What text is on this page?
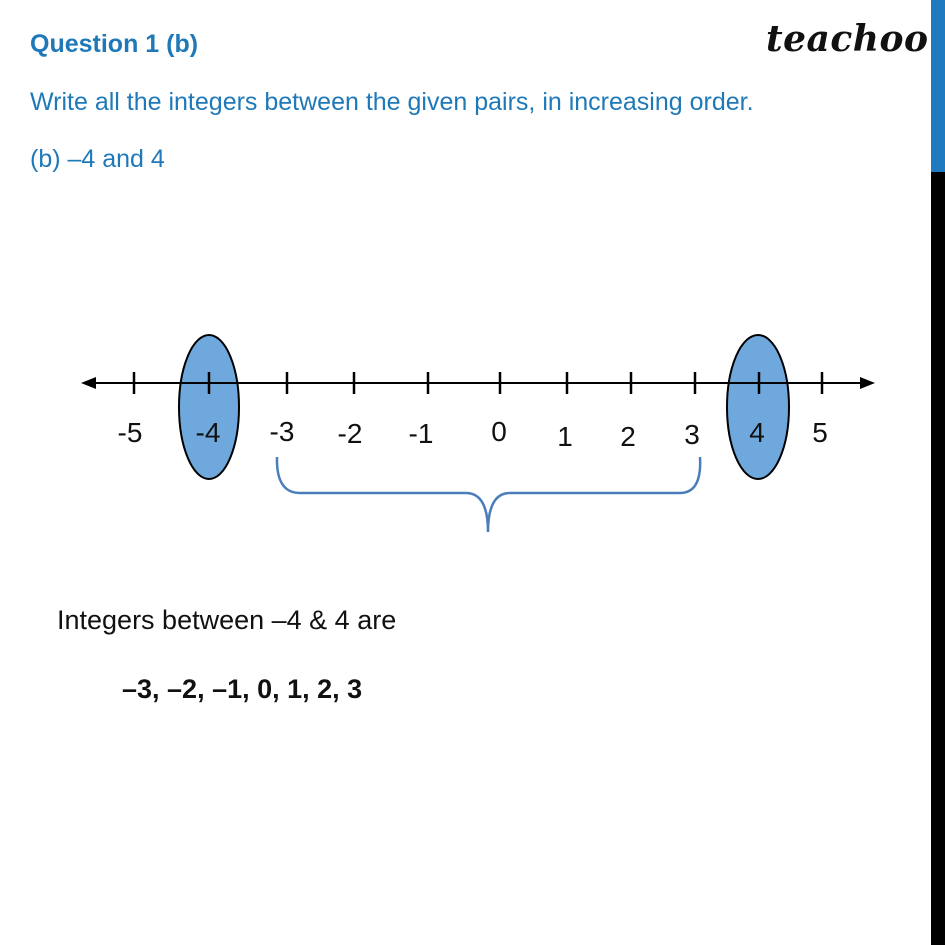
Question 1 (b)
Write all the integers between the given pairs, in increasing order.
(b) –4 and 4
teachoo
-5 -4 -3 -2 -1 0 1 2 3 4 5
Integers between –4 & 4 are
–3, –2, –1, 0, 1, 2, 3
